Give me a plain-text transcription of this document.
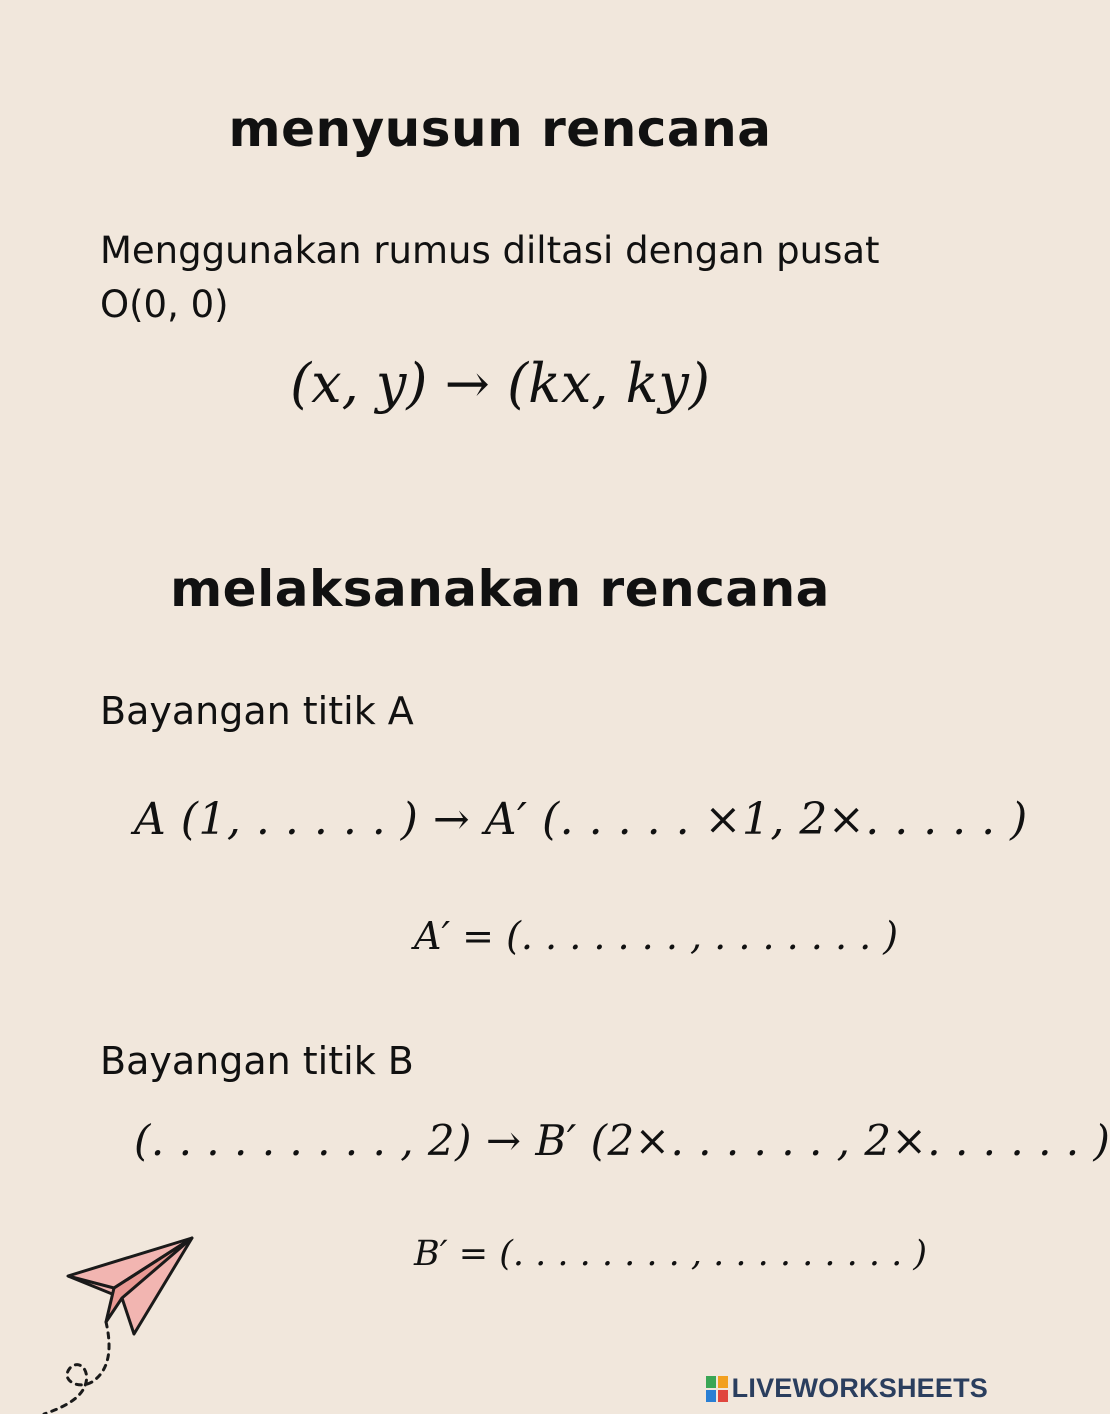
menyusun rencana
Menggunakan rumus diltasi dengan pusat O(0, 0)
(x, y) → (kx, ky)
melaksanakan rencana
Bayangan titik A
A (1, . . . . . ) → A′ (. . . . . ×1, 2×. . . . . )
A′ = (. . . . . . . , . . . . . . . )
Bayangan titik B
(. . . . . . . . . , 2) → B′ (2×. . . . . . , 2×. . . . . . )
B′ = (. . . . . . . . , . . . . . . . . . )
LIVEWORKSHEETS
